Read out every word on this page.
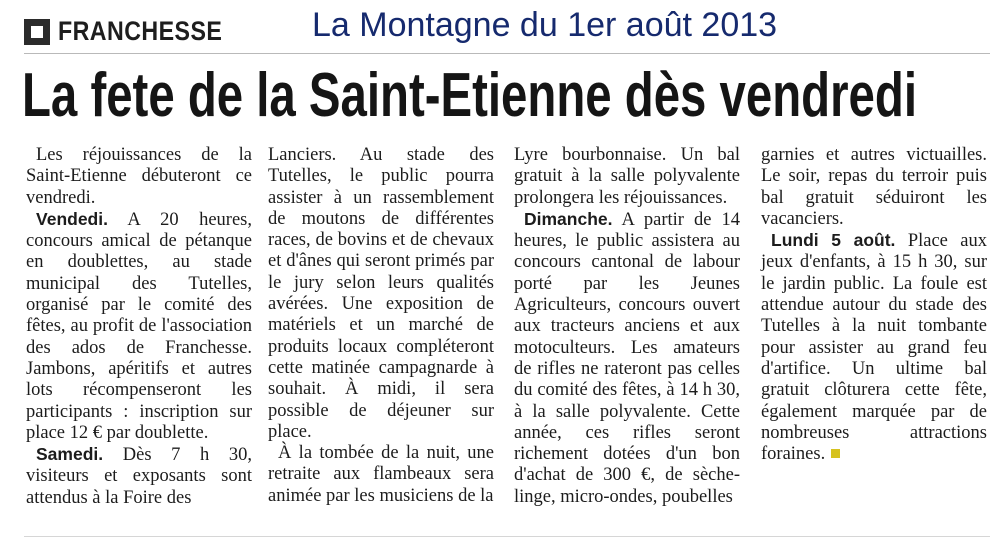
FRANCHESSE	La Montagne du 1er août 2013
La fete de la Saint-Etienne dès vendredi

Les réjouissances de la Saint-Etienne débuteront ce vendredi.

Vendedi. A 20 heures, concours amical de pétanque en doublettes, au stade municipal des Tutelles, organisé par le comité des fêtes, au profit de l'association des ados de Franchesse. Jambons, apéritifs et autres lots récompenseront les participants : inscription sur place 12 € par doublette.

Samedi. Dès 7 h 30, visiteurs et exposants sont attendus à la Foire des

Lanciers. Au stade des Tutelles, le public pourra assister à un rassemblement de moutons de différentes races, de bovins et de chevaux et d'ânes qui seront primés par le jury selon leurs qualités avérées. Une exposition de matériels et un marché de produits locaux compléteront cette matinée campagnarde à souhait. À midi, il sera possible de déjeuner sur place.

À la tombée de la nuit, une retraite aux flambeaux sera animée par les musiciens de la

Lyre bourbonnaise. Un bal gratuit à la salle polyvalente prolongera les réjouissances.

Dimanche. A partir de 14 heures, le public assistera au concours cantonal de labour porté par les Jeunes Agriculteurs, concours ouvert aux tracteurs anciens et aux motoculteurs. Les amateurs de rifles ne rateront pas celles du comité des fêtes, à 14 h 30, à la salle polyvalente. Cette année, ces rifles seront richement dotées d'un bon d'achat de 300 €, de sèche-linge, micro-ondes, poubelles

garnies et autres victuailles. Le soir, repas du terroir puis bal gratuit séduiront les vacanciers.

Lundi 5 août. Place aux jeux d'enfants, à 15 h 30, sur le jardin public. La foule est attendue autour du stade des Tutelles à la nuit tombante pour assister au grand feu d'artifice. Un ultime bal gratuit clôturera cette fête, également marquée par de nombreuses attractions foraines.
